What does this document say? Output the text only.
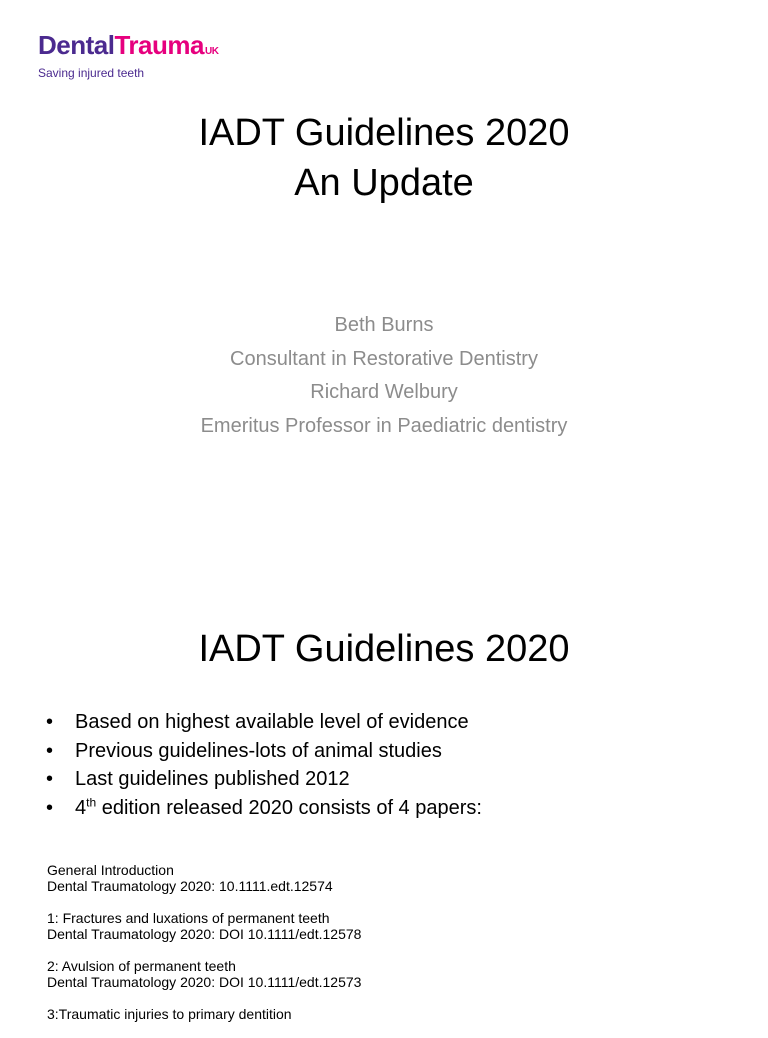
DentalTraumaUK
Saving injured teeth
IADT Guidelines 2020
An Update
Beth Burns
Consultant in Restorative Dentistry
Richard Welbury
Emeritus Professor in Paediatric dentistry
IADT Guidelines 2020
• Based on highest available level of evidence
• Previous guidelines-lots of animal studies
• Last guidelines published 2012
• 4th edition released 2020 consists of 4 papers:
General Introduction
Dental Traumatology 2020: 10.1111.edt.12574
1: Fractures and luxations of permanent teeth
Dental Traumatology 2020: DOI 10.1111/edt.12578
2: Avulsion of permanent teeth
Dental Traumatology 2020: DOI 10.1111/edt.12573
3:Traumatic injuries to primary dentition
